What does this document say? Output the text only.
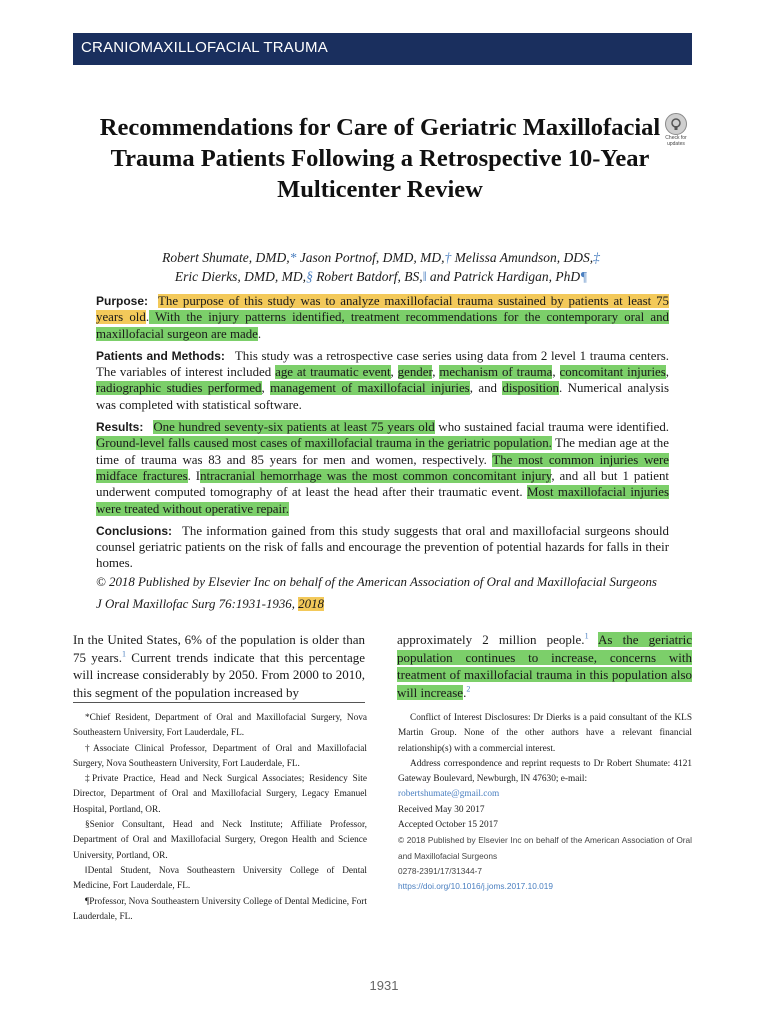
CRANIOMAXILLOFACIAL TRAUMA
Recommendations for Care of Geriatric Maxillofacial Trauma Patients Following a Retrospective 10-Year Multicenter Review
Check for
updates
Robert Shumate, DMD,* Jason Portnof, DMD, MD,† Melissa Amundson, DDS,‡
Eric Dierks, DMD, MD,§ Robert Batdorf, BS,‖ and Patrick Hardigan, PhD¶

Purpose: The purpose of this study was to analyze maxillofacial trauma sustained by patients at least 75 years old. With the injury patterns identified, treatment recommendations for the contemporary oral and maxillofacial surgeon are made.

Patients and Methods: This study was a retrospective case series using data from 2 level 1 trauma centers. The variables of interest included age at traumatic event, gender, mechanism of trauma, concomitant injuries, radiographic studies performed, management of maxillofacial injuries, and disposition. Numerical analysis was completed with statistical software.

Results: One hundred seventy-six patients at least 75 years old who sustained facial trauma were identified. Ground-level falls caused most cases of maxillofacial trauma in the geriatric population. The median age at the time of trauma was 83 and 85 years for men and women, respectively. The most common injuries were midface fractures. Intracranial hemorrhage was the most common concomitant injury, and all but 1 patient underwent computed tomography of at least the head after their traumatic event. Most maxillofacial injuries were treated without operative repair.

Conclusions: The information gained from this study suggests that oral and maxillofacial surgeons should counsel geriatric patients on the risk of falls and encourage the prevention of potential hazards for falls in their homes.

© 2018 Published by Elsevier Inc on behalf of the American Association of Oral and Maxillofacial Surgeons

J Oral Maxillofac Surg 76:1931-1936, 2018

In the United States, 6% of the population is older than 75 years.$^1$ Current trends indicate that this percentage will increase considerably by 2050. From 2000 to 2010, this segment of the population increased by
approximately 2 million people.$^1$ As the geriatric population continues to increase, concerns with treatment of maxillofacial trauma in this population also will increase.$^2$

*Chief Resident, Department of Oral and Maxillofacial Surgery, Nova Southeastern University, Fort Lauderdale, FL.

†Associate Clinical Professor, Department of Oral and Maxillofacial Surgery, Nova Southeastern University, Fort Lauderdale, FL.

‡Private Practice, Head and Neck Surgical Associates; Residency Site Director, Department of Oral and Maxillofacial Surgery, Legacy Emanuel Hospital, Portland, OR.

§Senior Consultant, Head and Neck Institute; Affiliate Professor, Department of Oral and Maxillofacial Surgery, Oregon Health and Science University, Portland, OR.

‖Dental Student, Nova Southeastern University College of Dental Medicine, Fort Lauderdale, FL.

¶Professor, Nova Southeastern University College of Dental Medicine, Fort Lauderdale, FL.

Conflict of Interest Disclosures: Dr Dierks is a paid consultant of the KLS Martin Group. None of the other authors have a relevant financial relationship(s) with a commercial interest.

Address correspondence and reprint requests to Dr Robert Shumate: 4121 Gateway Boulevard, Newburgh, IN 47630; e-mail:

robertshumate@gmail.com

Received May 30 2017

Accepted October 15 2017

© 2018 Published by Elsevier Inc on behalf of the American Association of Oral and Maxillofacial Surgeons

0278-2391/17/31344-7

https://doi.org/10.1016/j.joms.2017.10.019

1931
